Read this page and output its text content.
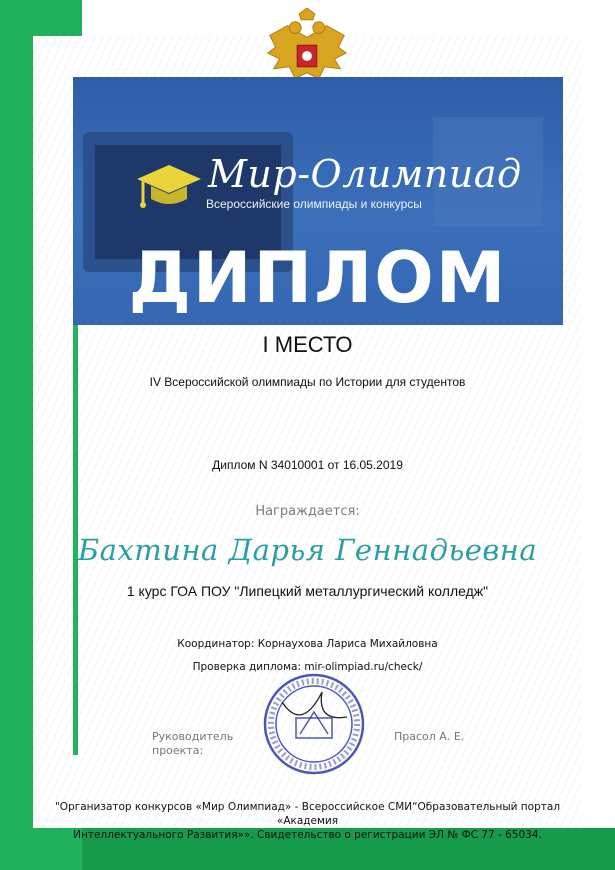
Мир-Олимпиад
Всероссийские олимпиады и конкурсы
ДИПЛОМ
I МЕСТО
IV Всероссийской олимпиады по Истории для студентов
Диплом N 34010001 от 16.05.2019
Награждается:
Бахтина Дарья Геннадьевна
1 курс ГОА ПОУ "Липецкий металлургический колледж"
Координатор: Корнаухова Лариса Михайловна
Проверка диплома: mir-olimpiad.ru/check/
Руководитель
проекта:
Прасол А. Е.
"Организатор конкурсов «Мир Олимпиад» - Всероссийское СМИ“Образовательный портал «Академия
Интеллектуального Развития»». Свидетельство о регистрации ЭЛ № ФС 77 - 65034.
